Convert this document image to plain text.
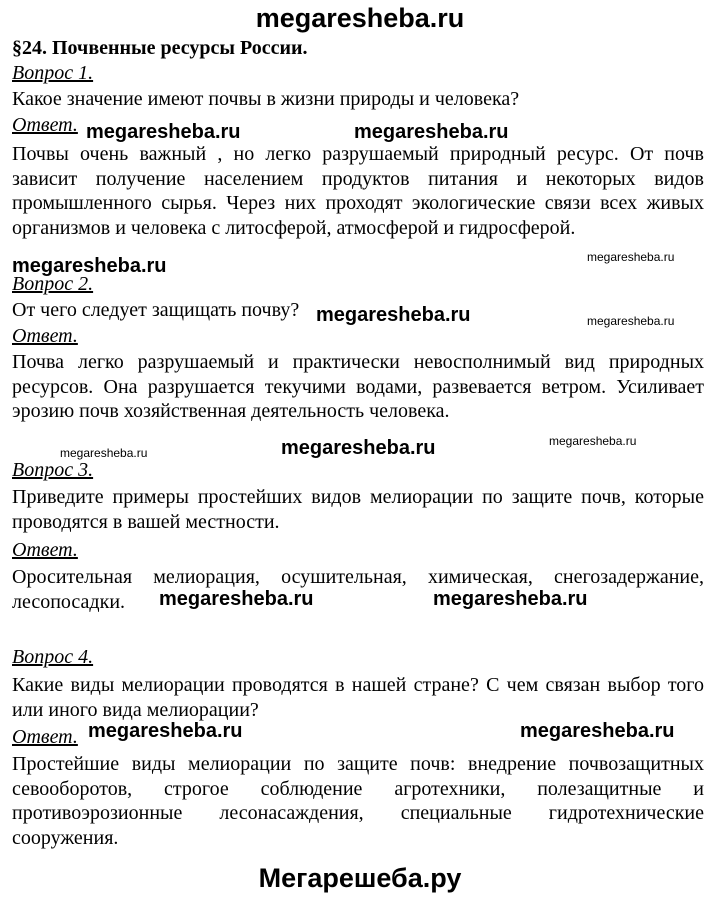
megaresheba.ru
§24. Почвенные ресурсы России.
Вопрос 1.
Какое значение имеют почвы в жизни природы и человека?
Ответ.
Почвы очень важный , но легко разрушаемый природный ресурс. От почв зависит получение населением продуктов питания и некоторых видов промышленного сырья. Через них проходят экологические связи всех живых организмов и человека с литосферой, атмосферой и гидросферой.
Вопрос 2.
От чего следует защищать почву?
Ответ.
Почва легко разрушаемый и практически невосполнимый вид природных ресурсов. Она разрушается текучими водами, развевается ветром. Усиливает эрозию почв хозяйственная деятельность человека.
Вопрос 3.
Приведите примеры простейших видов мелиорации по защите почв, которые проводятся в вашей местности.
Ответ.
Оросительная мелиорация, осушительная, химическая, снегозадержание, лесопосадки.
Вопрос 4.
Какие виды мелиорации проводятся в нашей стране? С чем связан выбор того или иного вида мелиорации?
Ответ.
Простейшие виды мелиорации по защите почв: внедрение почвозащитных севооборотов, строгое соблюдение агротехники, полезащитные и противоэрозионные лесонасаждения, специальные гидротехнические сооружения.
megaresheba.ru	megaresheba.ru
megaresheba.ru	megaresheba.ru
megaresheba.ru	megaresheba.ru
megaresheba.ru	megaresheba.ru	megaresheba.ru
megaresheba.ru	megaresheba.ru
megaresheba.ru	megaresheba.ru
Мегарешеба.ру
